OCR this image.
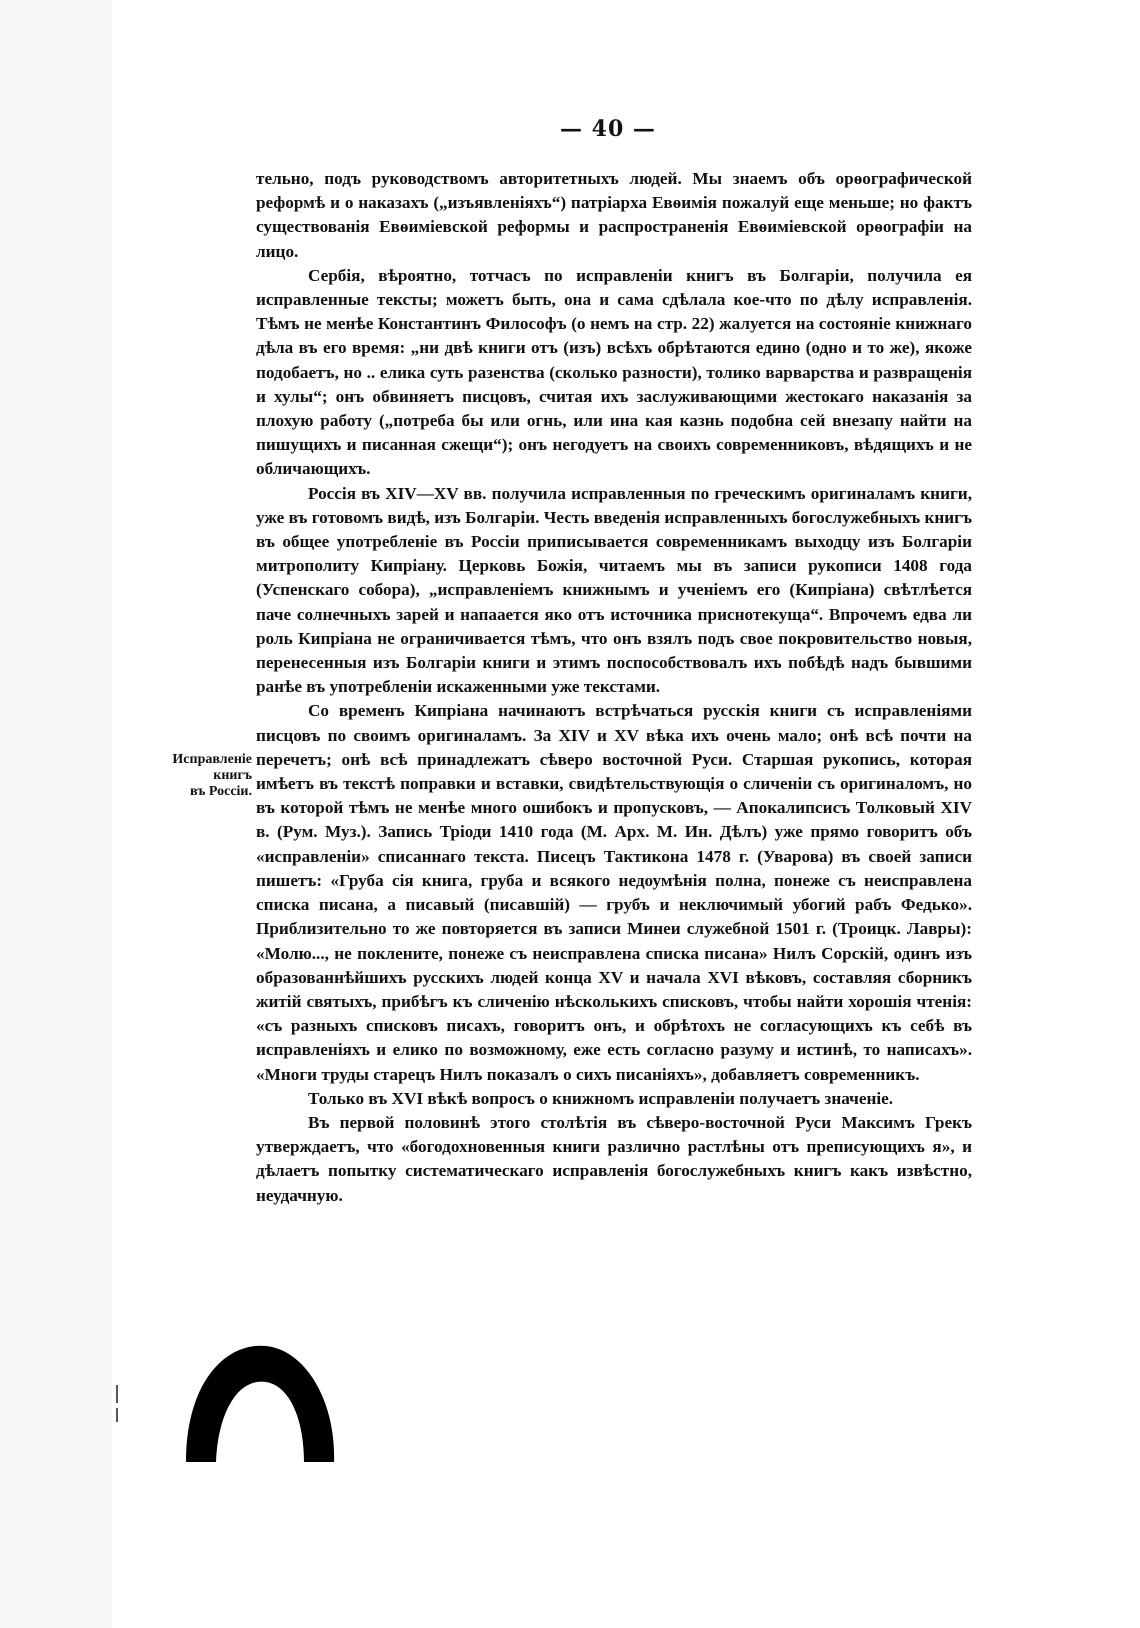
— 40 —
Исправленіе
книгъ
въ Россіи.

тельно, подъ руководствомъ авторитетныхъ людей. Мы знаемъ объ орѳографической реформѣ и о наказахъ („изъявленіяхъ“) патріарха Евѳимія пожалуй еще меньше; но фактъ существованія Евѳиміевской реформы и распространенія Евѳиміевской орѳографіи на лицо.

Сербія, вѣроятно, тотчасъ по исправленіи книгъ въ Болгаріи, получила ея исправленные тексты; можетъ быть, она и сама сдѣлала кое-что по дѣлу исправленія. Тѣмъ не менѣе Константинъ Философъ (о немъ на стр. 22) жалуется на состояніе книжнаго дѣла въ его время: „ни двѣ книги отъ (изъ) всѣхъ обрѣтаются едино (одно и то же), якоже подобаетъ, но .. елика суть разенства (сколько разности), толико варварства и развращенія и хулы“; онъ обвиняетъ писцовъ, считая ихъ заслуживающими жестокаго наказанія за плохую работу („потреба бы или огнь, или ина кая казнь подобна сей внезапу найти на пишущихъ и писанная сжещи“); онъ негодуетъ на своихъ современниковъ, вѣдящихъ и не обличающихъ.

Россія въ XIV—XV вв. получила исправленныя по греческимъ оригиналамъ книги, уже въ готовомъ видѣ, изъ Болгаріи. Честь введенія исправленныхъ богослужебныхъ книгъ въ общее употребленіе въ Россіи приписывается современникамъ выходцу изъ Болгаріи митрополиту Кипріану. Церковь Божія, читаемъ мы въ записи рукописи 1408 года (Успенскаго собора), „исправленіемъ книжнымъ и ученіемъ его (Кипріана) свѣтлѣется паче солнечныхъ зарей и напаается яко отъ источника приснотекуща“. Впрочемъ едва ли роль Кипріана не ограничивается тѣмъ, что онъ взялъ подъ свое покровительство новыя, перенесенныя изъ Болгаріи книги и этимъ поспособствовалъ ихъ побѣдѣ надъ бывшими ранѣе въ употребленіи искаженными уже текстами.

Со временъ Кипріана начинаютъ встрѣчаться русскія книги съ исправленіями писцовъ по своимъ оригиналамъ. За XIV и XV вѣка ихъ очень мало; онѣ всѣ почти на перечетъ; онѣ всѣ принадлежатъ сѣверо восточной Руси. Старшая рукопись, которая имѣетъ въ текстѣ поправки и вставки, свидѣтельствующія о сличеніи съ оригиналомъ, но въ которой тѣмъ не менѣе много ошибокъ и пропусковъ, — Апокалипсисъ Толковый XIV в. (Рум. Муз.). Запись Тріоди 1410 года (М. Арх. М. Ин. Дѣлъ) уже прямо говоритъ объ «исправленіи» списаннаго текста. Писецъ Тактикона 1478 г. (Уварова) въ своей записи пишетъ: «Груба сія книга, груба и всякого недоумѣнія полна, понеже съ неисправлена списка писана, а писавый (писавшій) — грубъ и неключимый убогий рабъ Федько». Приблизительно то же повторяется въ записи Минеи служебной 1501 г. (Троицк. Лавры): «Молю..., не поклените, понеже съ неисправлена списка писана» Нилъ Сорскій, одинъ изъ образованнѣйшихъ русскихъ людей конца XV и начала XVI вѣковъ, составляя сборникъ житій святыхъ, прибѣгъ къ сличенію нѣсколькихъ списковъ, чтобы найти хорошія чтенія: «съ разныхъ списковъ писахъ, говоритъ онъ, и обрѣтохъ не согласующихъ къ себѣ въ исправленіяхъ и елико по возможному, еже есть согласно разуму и истинѣ, то написахъ». «Многи труды старецъ Нилъ показалъ о сихъ писаніяхъ», добавляетъ современникъ.

Только въ XVI вѣкѣ вопросъ о книжномъ исправленіи получаетъ значеніе.

Въ первой половинѣ этого столѣтія въ сѣверо-восточной Руси Максимъ Грекъ утверждаетъ, что «богодохновенныя книги различно растлѣны отъ преписующихъ я», и дѣлаетъ попытку систематическаго исправленія богослужебныхъ книгъ какъ извѣстно, неудачную.
